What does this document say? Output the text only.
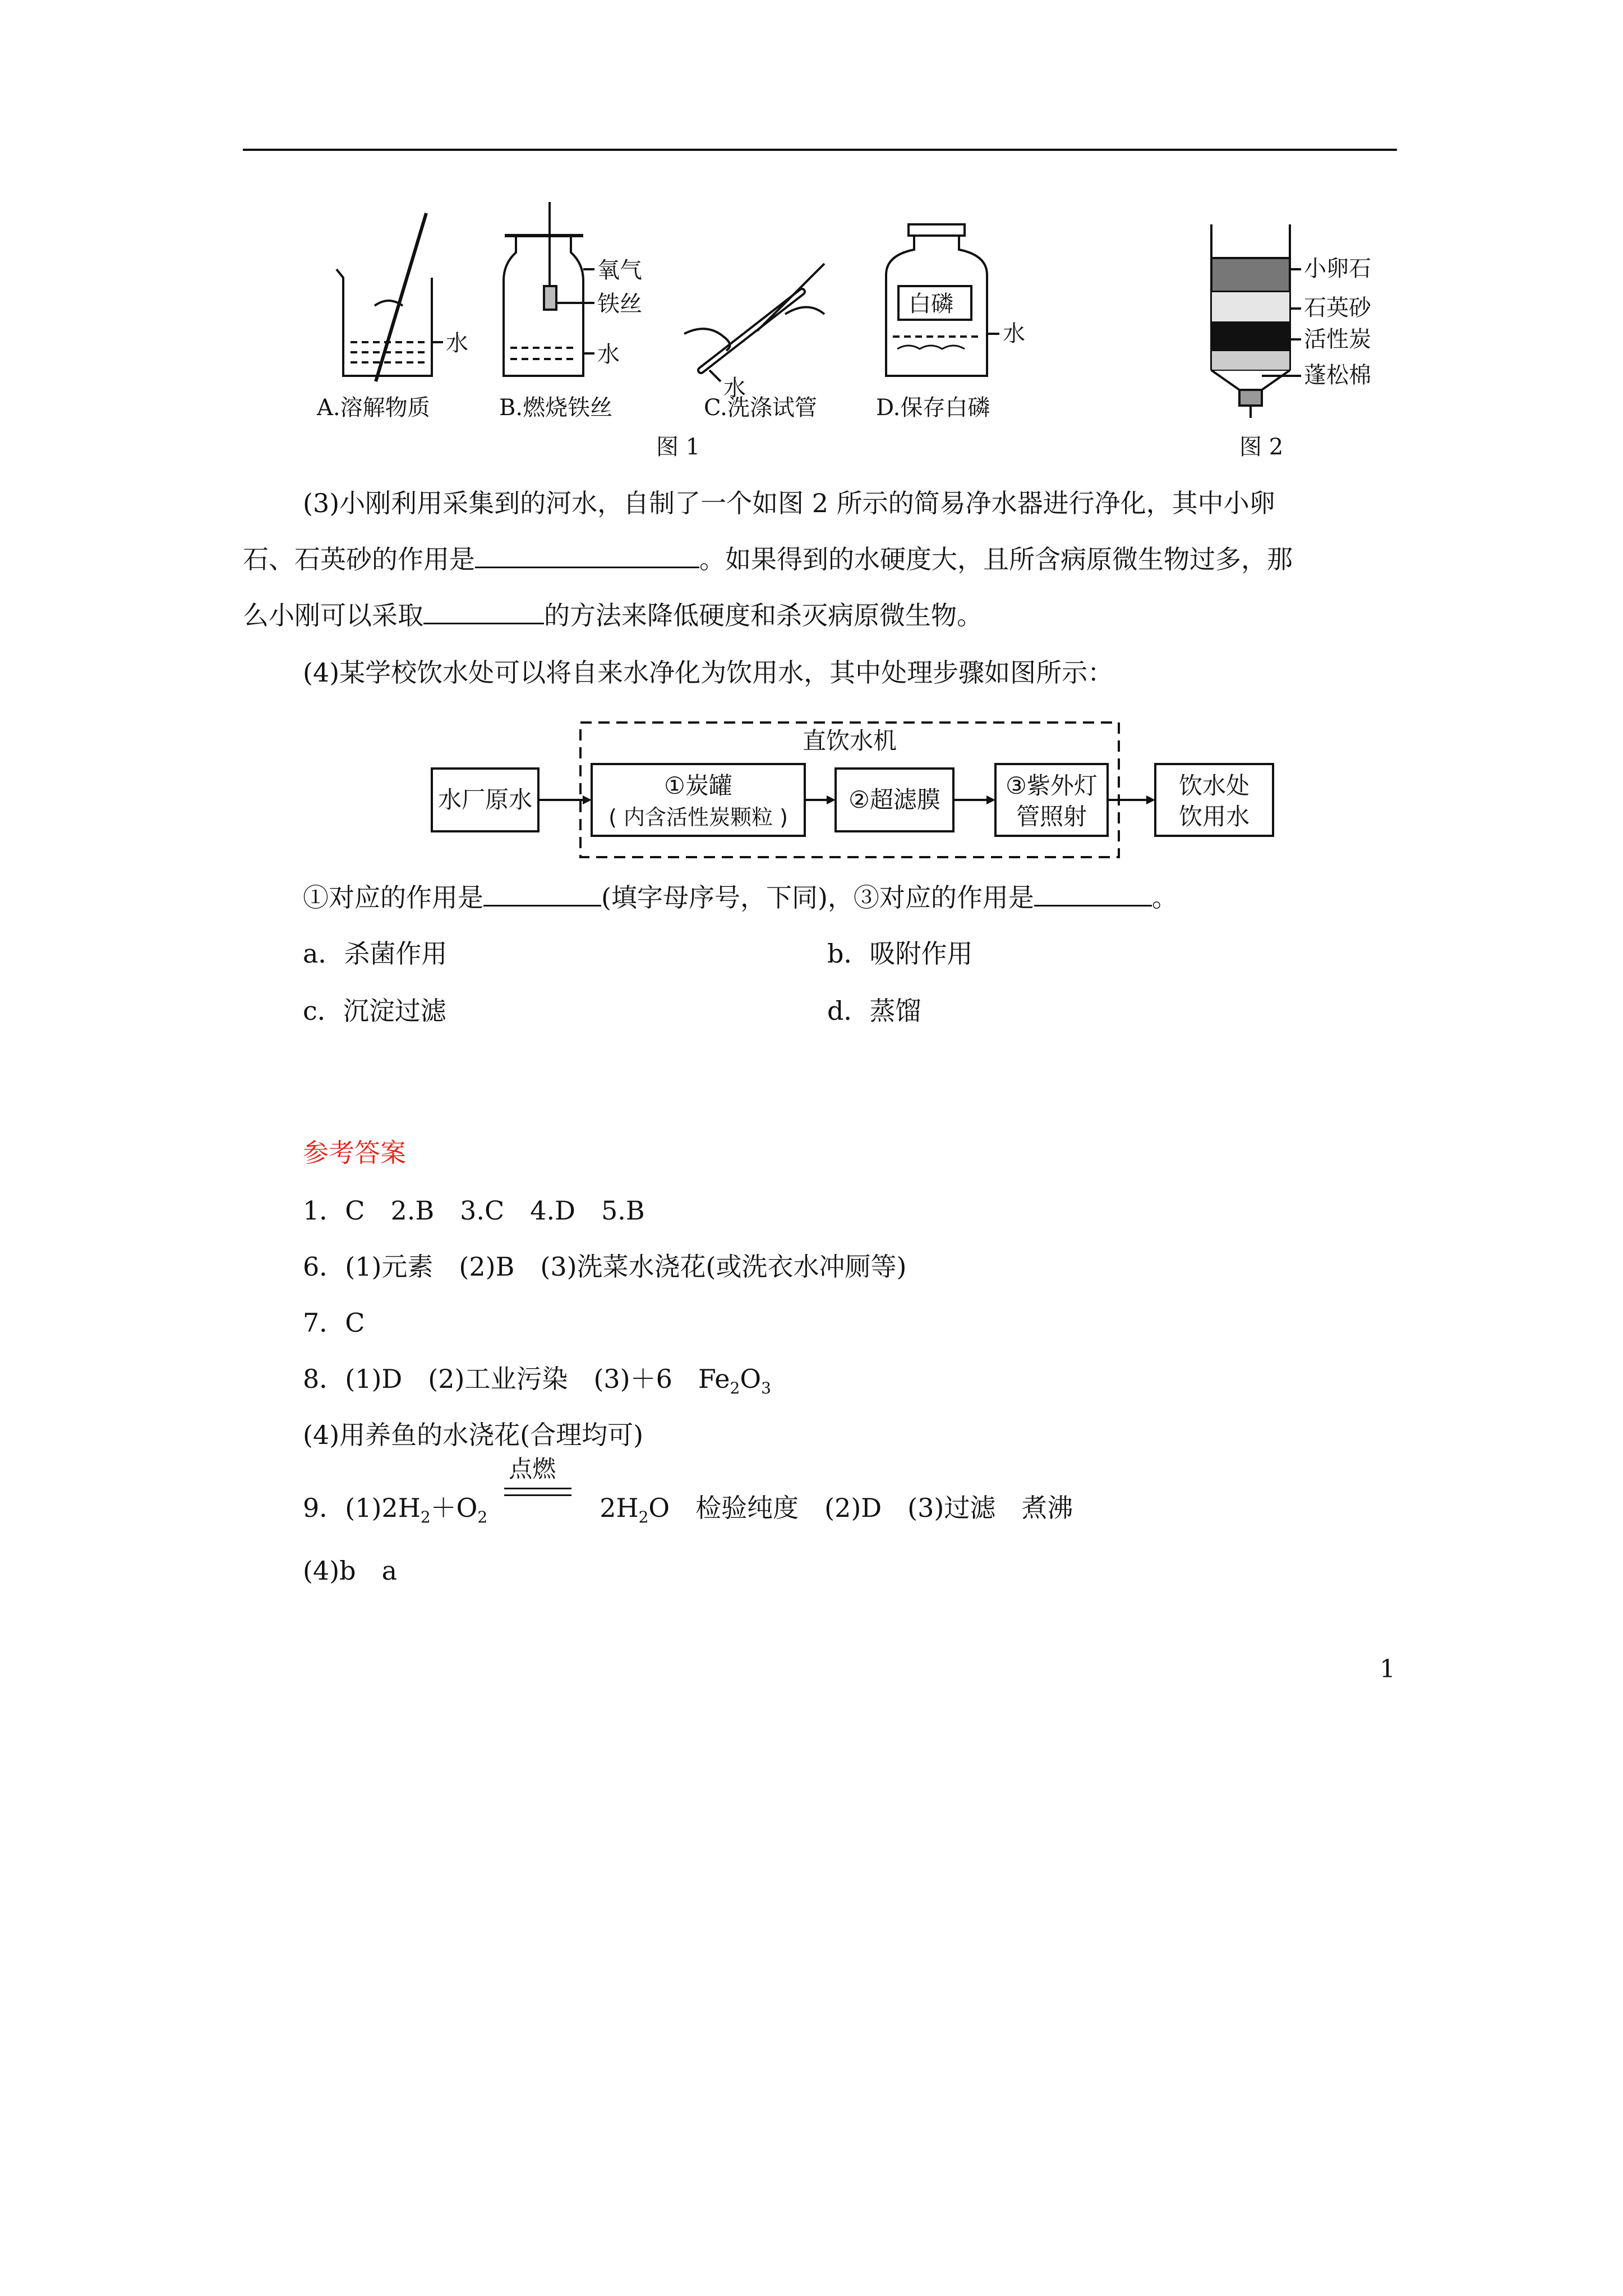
水
氧气
铁丝
水
水
白磷
水
A.溶解物质	B.燃烧铁丝	C.洗涤试管	D.保存白磷
图 1
小卵石
石英砂
活性炭
蓬松棉
图 2
(3)小刚利用采集到的河水，自制了一个如图 2 所示的简易净水器进行净化，其中小卵
石、石英砂的作用是	。如果得到的水硬度大，且所含病原微生物过多，那
么小刚可以采取	的方法来降低硬度和杀灭病原微生物。
(4)某学校饮水处可以将自来水净化为饮用水，其中处理步骤如图所示：
直饮水机
水厂原水
①炭罐
( 内含活性炭颗粒 )
②超滤膜
③紫外灯
管照射
饮水处
饮用水
①对应的作用是	(填字母序号，下同)，③对应的作用是	。
a．杀菌作用	b．吸附作用
c．沉淀过滤	d．蒸馏
参考答案
1．C　2.B　3.C　4.D　5.B
6．(1)元素　(2)B　(3)洗菜水浇花(或洗衣水冲厕等)
7．C
8．(1)D　(2)工业污染　(3)＋6　$Fe_2O_3$
(4)用养鱼的水浇花(合理均可)
9．$(1)2H_2+O_2$
点燃
$2H_2O$　检验纯度　(2)D　(3)过滤　煮沸
(4)b　a
1
